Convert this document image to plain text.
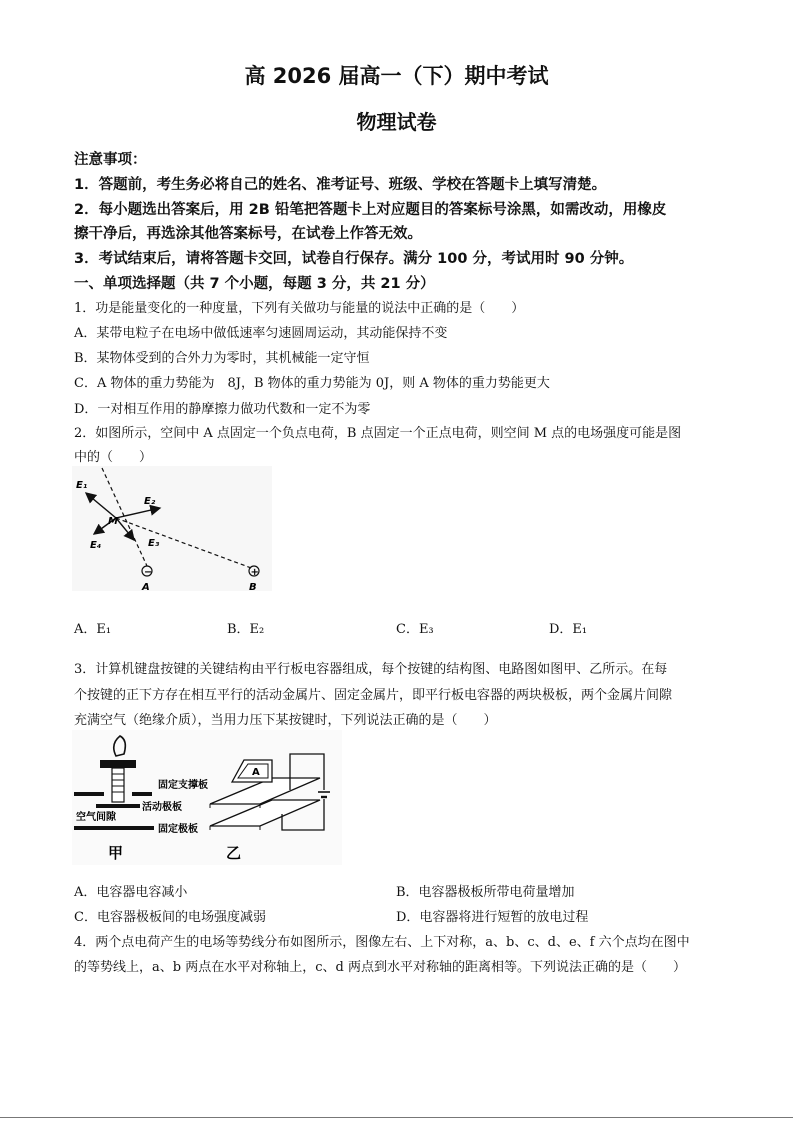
高 2026 届高一（下）期中考试
物理试卷
注意事项：
1．答题前，考生务必将自己的姓名、准考证号、班级、学校在答题卡上填写清楚。
2．每小题选出答案后，用 2B 铅笔把答题卡上对应题目的答案标号涂黑，如需改动，用橡皮
擦干净后，再选涂其他答案标号，在试卷上作答无效。
3．考试结束后，请将答题卡交回，试卷自行保存。满分 100 分，考试用时 90 分钟。
一、单项选择题（共 7 个小题，每题 3 分，共 21 分）
1．功是能量变化的一种度量，下列有关做功与能量的说法中正确的是（　　）
A．某带电粒子在电场中做低速率匀速圆周运动，其动能保持不变
B．某物体受到的合外力为零时，其机械能一定守恒
C．A 物体的重力势能为　8J，B 物体的重力势能为 0J，则 A 物体的重力势能更大
D．一对相互作用的静摩擦力做功代数和一定不为零
2．如图所示，空间中 A 点固定一个负点电荷，B 点固定一个正点电荷，则空间 M 点的电场强度可能是图
中的（　　）
E₁
E₂
E₃
E₄
M
−
A
+
B
A．E₁	B．E₂	C．E₃	D．E₁
3．计算机键盘按键的关键结构由平行板电容器组成，每个按键的结构图、电路图如图甲、乙所示。在每
个按键的正下方存在相互平行的活动金属片、固定金属片，即平行板电容器的两块极板，两个金属片间隙
充满空气（绝缘介质），当用力压下某按键时，下列说法正确的是（　　）
固定支撑板
活动极板
空气间隙
固定极板
甲
A
乙
A．电容器电容减小	B．电容器极板所带电荷量增加
C．电容器极板间的电场强度减弱	D．电容器将进行短暂的放电过程
4．两个点电荷产生的电场等势线分布如图所示，图像左右、上下对称，a、b、c、d、e、f 六个点均在图中
的等势线上，a、b 两点在水平对称轴上，c、d 两点到水平对称轴的距离相等。下列说法正确的是（　　）
